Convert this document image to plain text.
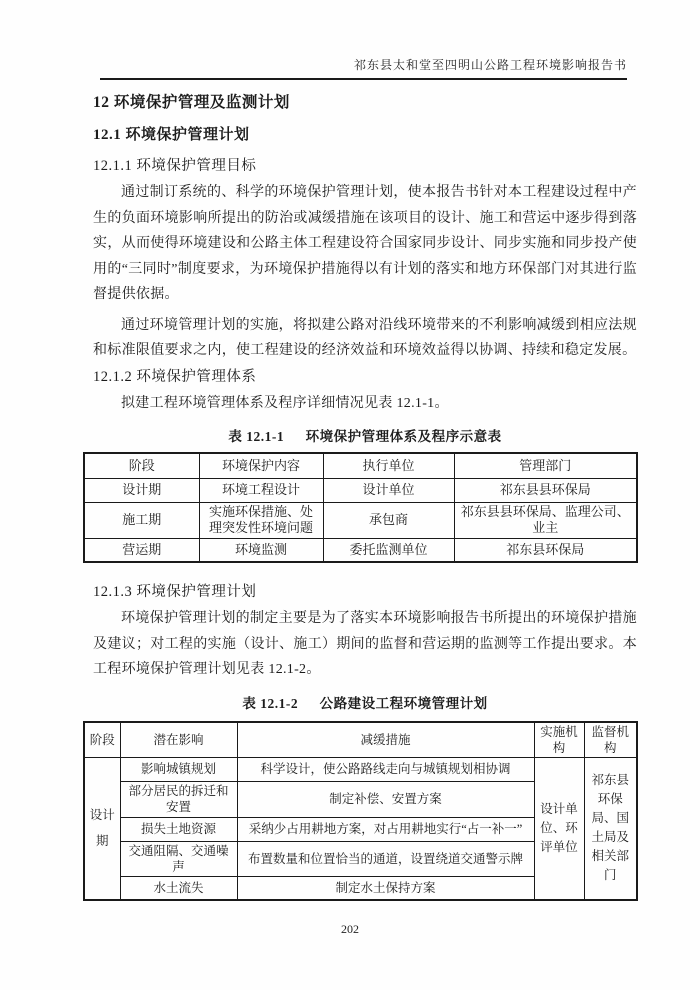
祁东县太和堂至四明山公路工程环境影响报告书
12 环境保护管理及监测计划
12.1 环境保护管理计划
12.1.1 环境保护管理目标

通过制订系统的、科学的环境保护管理计划，使本报告书针对本工程建设过程中产生的负面环境影响所提出的防治或减缓措施在该项目的设计、施工和营运中逐步得到落实，从而使得环境建设和公路主体工程建设符合国家同步设计、同步实施和同步投产使用的“三同时”制度要求，为环境保护措施得以有计划的落实和地方环保部门对其进行监督提供依据。

通过环境管理计划的实施，将拟建公路对沿线环境带来的不利影响减缓到相应法规和标准限值要求之内，使工程建设的经济效益和环境效益得以协调、持续和稳定发展。

12.1.2 环境保护管理体系

拟建工程环境管理体系及程序详细情况见表 12.1-1。

表 12.1-1 环境保护管理体系及程序示意表
阶段	环境保护内容	执行单位	管理部门
设计期	环境工程设计	设计单位	祁东县县环保局
施工期	实施环保措施、处理突发性环境问题	承包商	祁东县县环保局、监理公司、业主
营运期	环境监测	委托监测单位	祁东县环保局
12.1.3 环境保护管理计划

环境保护管理计划的制定主要是为了落实本环境影响报告书所提出的环境保护措施及建议；对工程的实施（设计、施工）期间的监督和营运期的监测等工作提出要求。本工程环境保护管理计划见表 12.1-2。

表 12.1-2 公路建设工程环境管理计划
阶段	潜在影响	减缓措施	实施机构	监督机构
设计期	影响城镇规划	科学设计，使公路路线走向与城镇规划相协调	设计单位、环评单位	祁东县环保局、国土局及相关部门
	部分居民的拆迁和安置	制定补偿、安置方案		
	损失土地资源	采纳少占用耕地方案，对占用耕地实行“占一补一”		
	交通阻隔、交通噪声	布置数量和位置恰当的通道，设置绕道交通警示牌		
	水土流失	制定水土保持方案		
202
